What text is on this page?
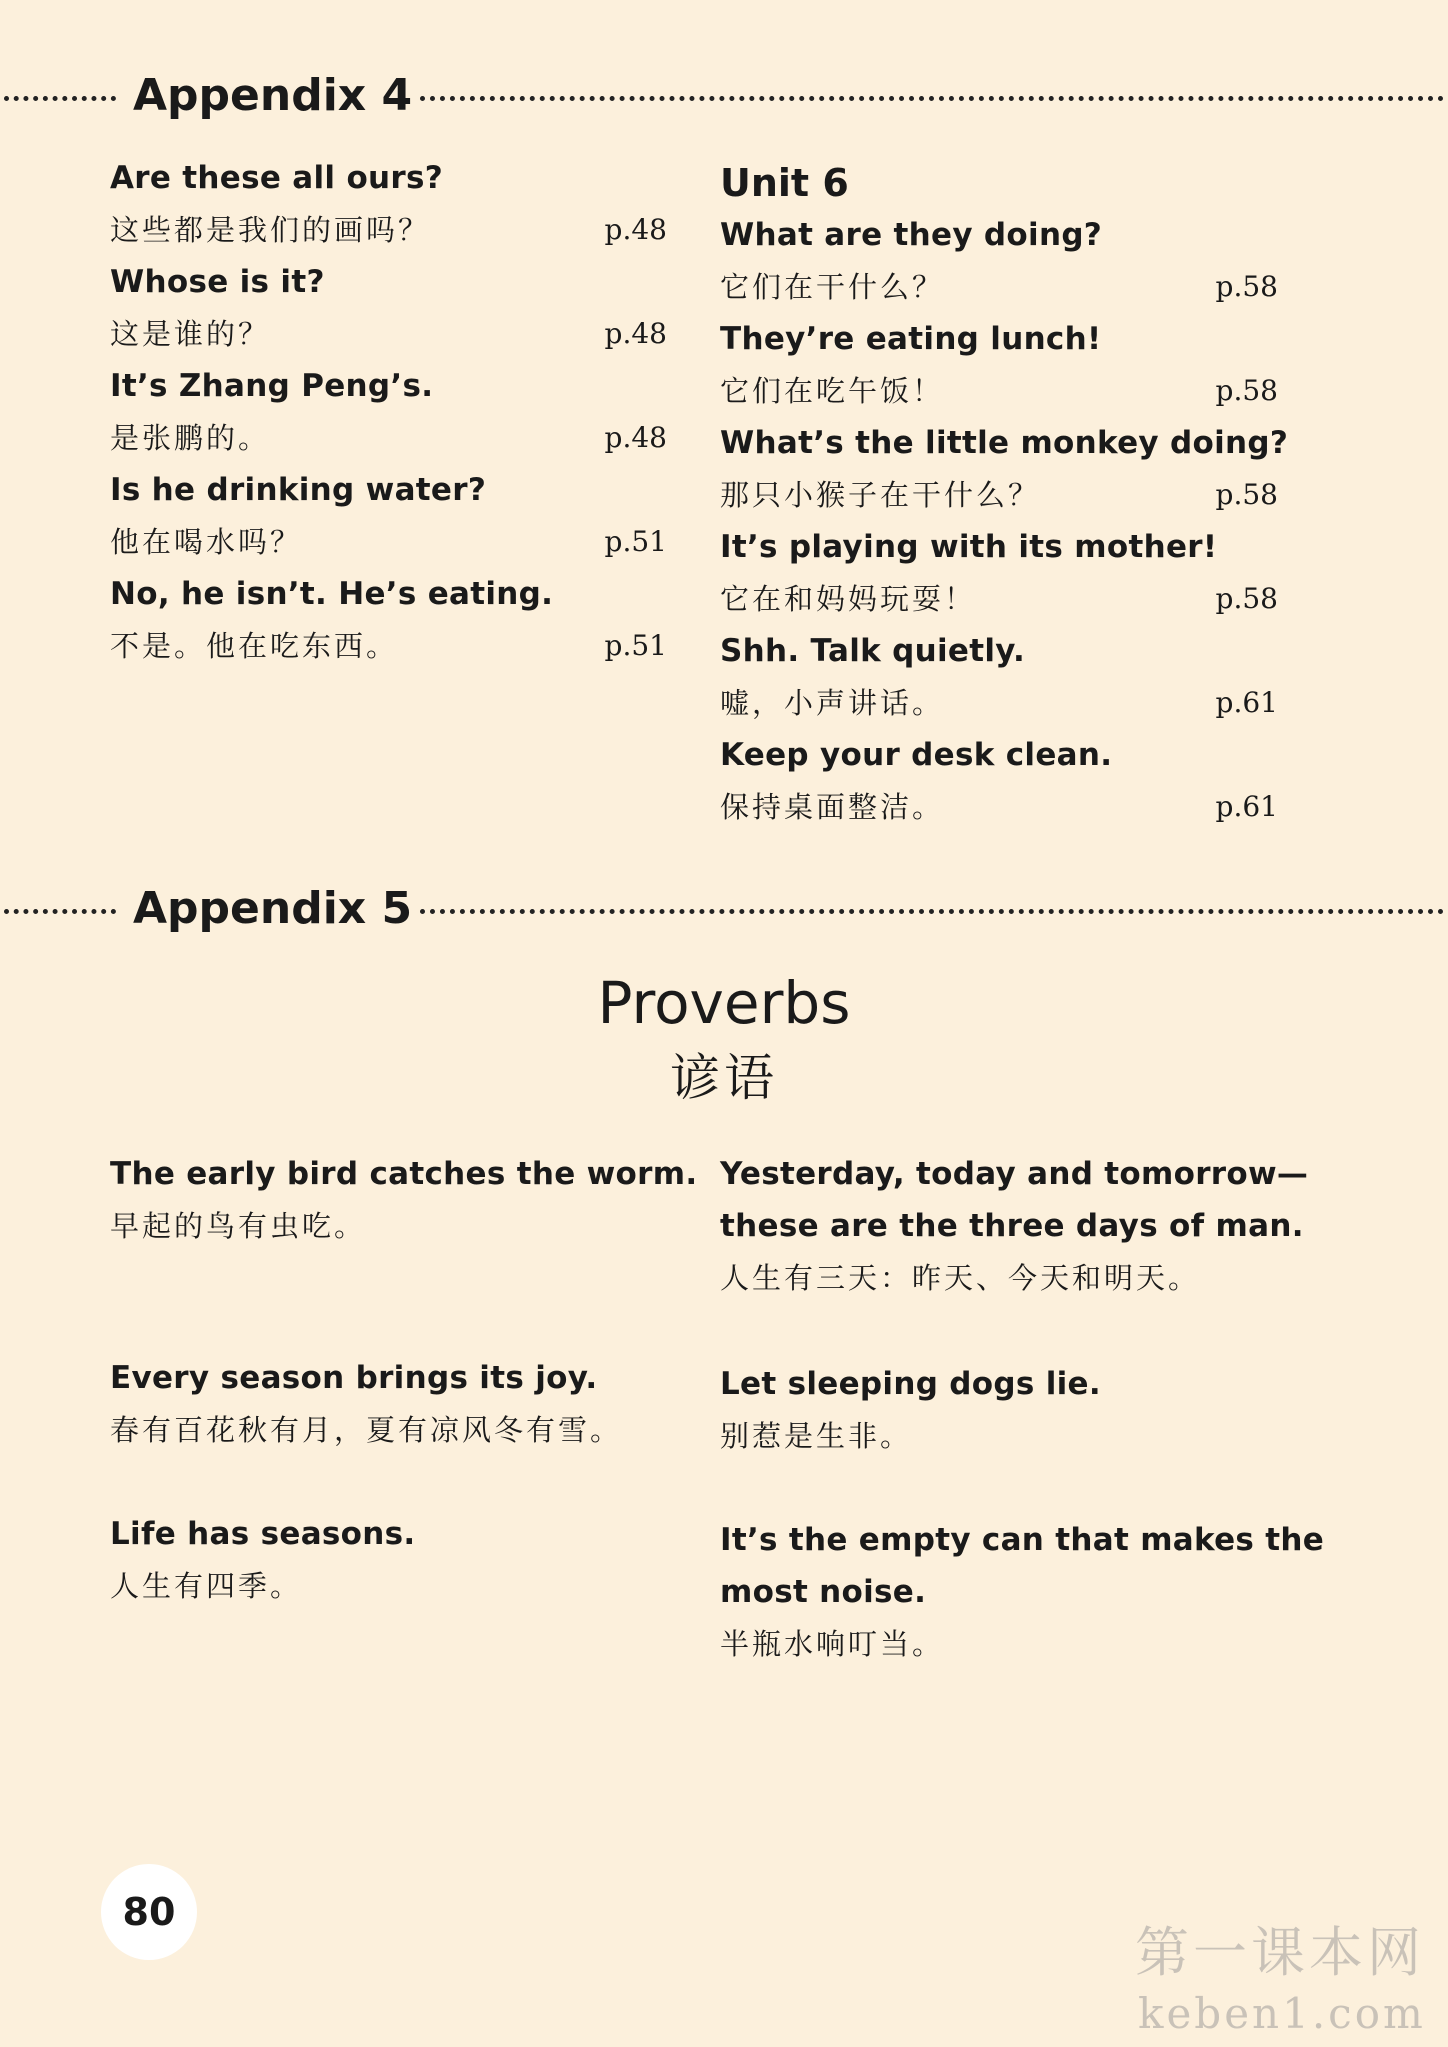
Appendix 4
Are these all ours?
这些都是我们的画吗？	p.48
Whose is it?
这是谁的？	p.48
It’s Zhang Peng’s.
是张鹏的。	p.48
Is he drinking water?
他在喝水吗？	p.51
No, he isn’t. He’s eating.
不是。他在吃东西。	p.51
Unit 6
What are they doing?
它们在干什么？	p.58
They’re eating lunch!
它们在吃午饭！	p.58
What’s the little monkey doing?
那只小猴子在干什么？	p.58
It’s playing with its mother!
它在和妈妈玩耍！	p.58
Shh. Talk quietly.
嘘，小声讲话。	p.61
Keep your desk clean.
保持桌面整洁。	p.61
Appendix 5
Proverbs
谚语
The early bird catches the worm.
早起的鸟有虫吃。
Every season brings its joy.
春有百花秋有月，夏有凉风冬有雪。
Life has seasons.
人生有四季。
Yesterday, today and tomorrow—
these are the three days of man.
人生有三天：昨天、今天和明天。
Let sleeping dogs lie.
别惹是生非。
It’s the empty can that makes the
most noise.
半瓶水响叮当。
80
第一课本网
keben1.com
